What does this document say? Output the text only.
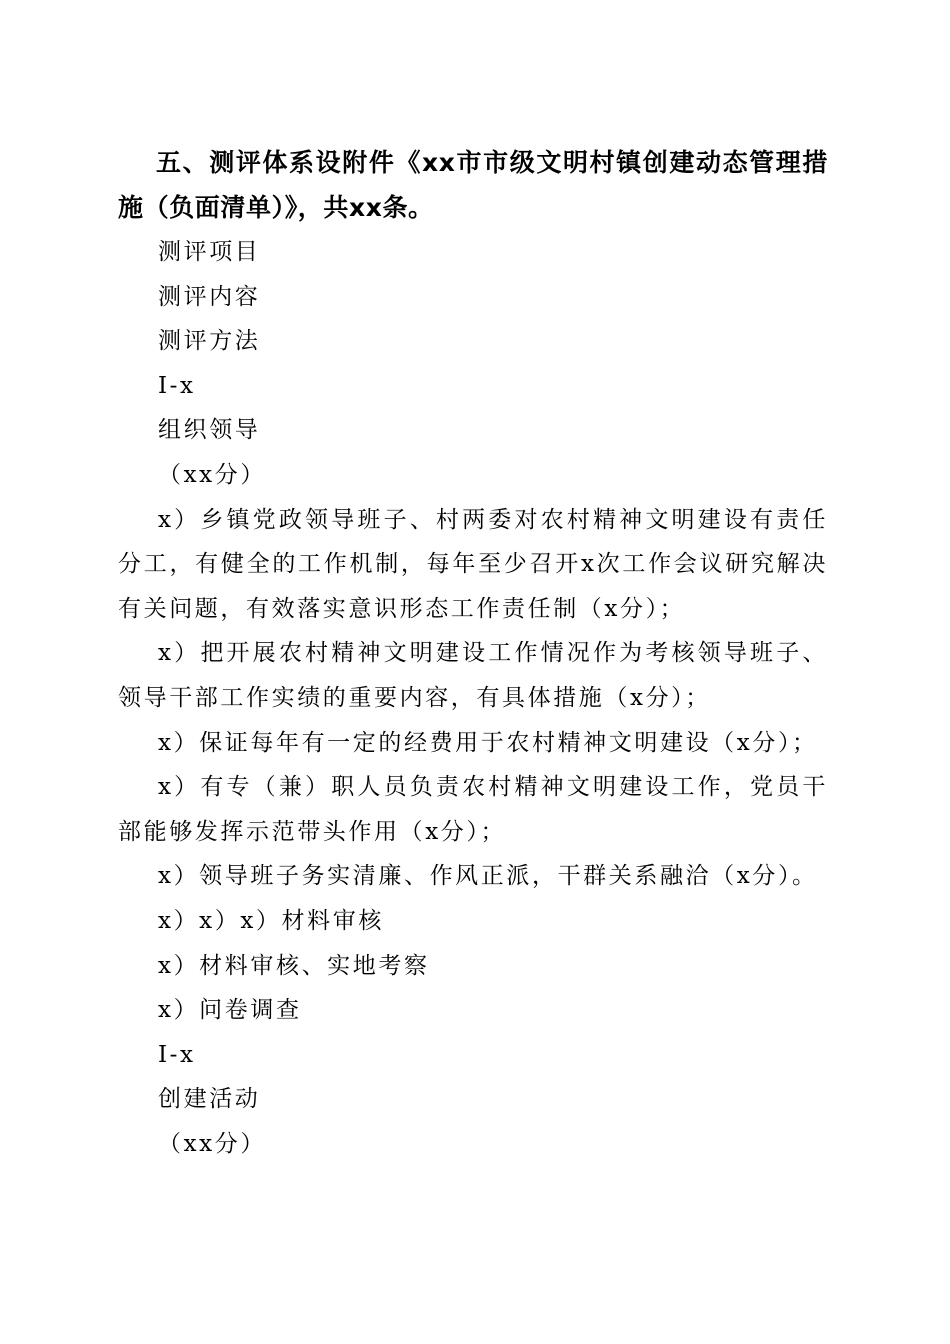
五、测评体系设附件《xx市市级文明村镇创建动态管理措施（负面清单）》，共xx条。

测评项目

测评内容

测评方法

I-x

组织领导

（xx分）

x）乡镇党政领导班子、村两委对农村精神文明建设有责任分工，有健全的工作机制，每年至少召开x次工作会议研究解决有关问题，有效落实意识形态工作责任制（x分）；

x）把开展农村精神文明建设工作情况作为考核领导班子、领导干部工作实绩的重要内容，有具体措施（x分）；

x）保证每年有一定的经费用于农村精神文明建设（x分）；

x）有专（兼）职人员负责农村精神文明建设工作，党员干部能够发挥示范带头作用（x分）；

x）领导班子务实清廉、作风正派，干群关系融洽（x分）。

x）x）x）材料审核

x）材料审核、实地考察

x）问卷调查

I-x

创建活动

（xx分）
